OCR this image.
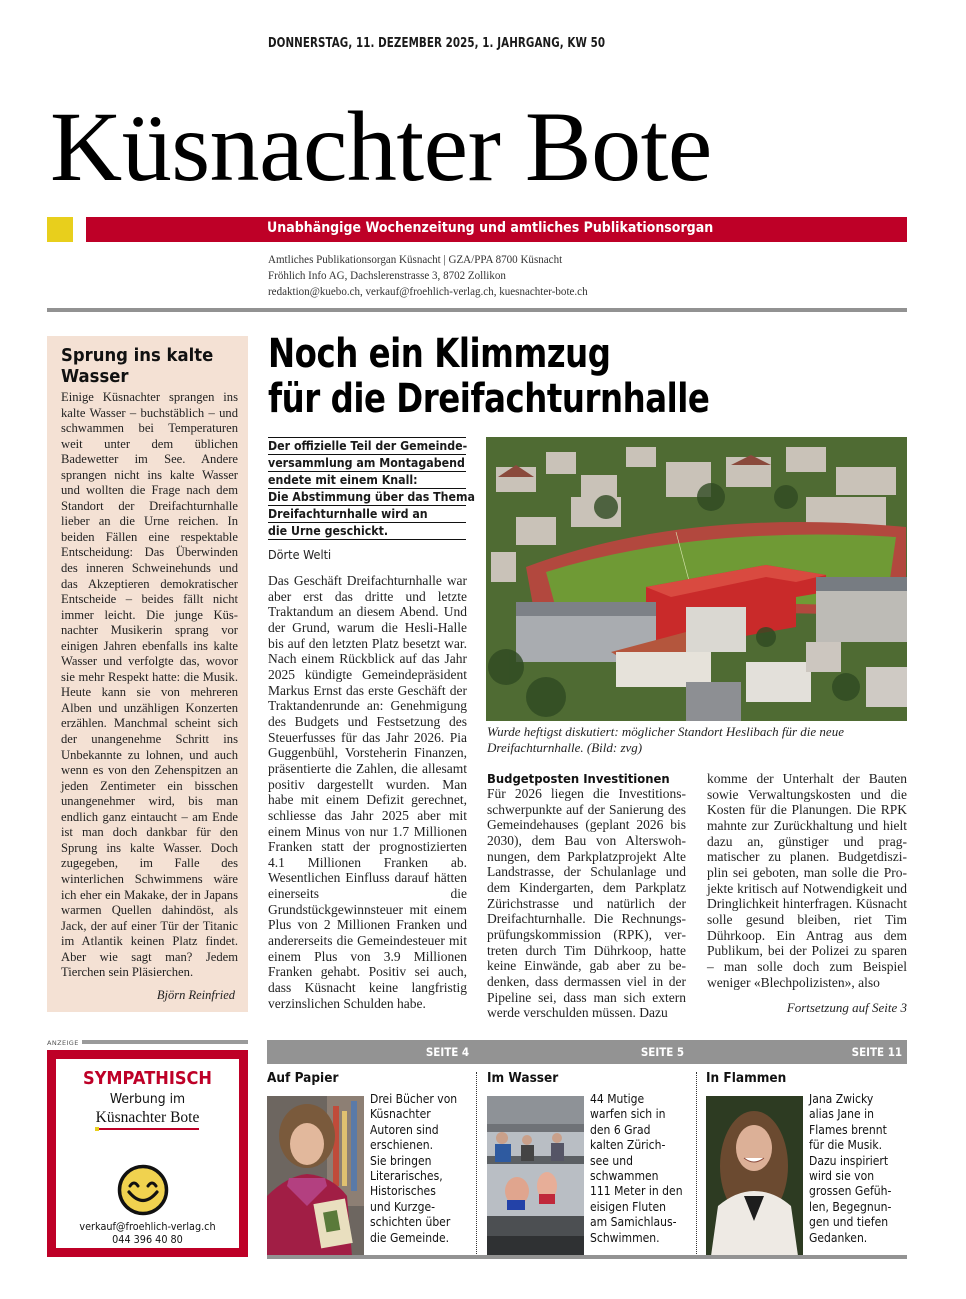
DONNERSTAG, 11. DEZEMBER 2025, 1. JAHRGANG, KW 50
Küsnachter Bote
Unabhängige Wochenzeitung und amtliches Publikationsorgan
Amtliches Publikationsorgan Küsnacht | GZA/PPA 8700 Küsnacht
Fröhlich Info AG, Dachslerenstrasse 3, 8702 Zollikon
redaktion@kuebo.ch, verkauf@froehlich-verlag.ch, kuesnachter-bote.ch
Sprung ins kalte
Wasser

Einige Küsnachter sprangen ins kalte Wasser – buchstäblich – und schwammen bei Temperaturen weit unter dem üblichen Badewetter im See. Andere sprangen nicht ins kalte Wasser und wollten die Frage nach dem Standort der Dreifachturnhalle lieber an die Urne reichen. In beiden Fällen eine respektable Entscheidung: Das Überwinden des inneren Schweinehunds und das Akzeptieren demokratischer Entscheide – beides fällt nicht immer leicht. Die junge Küsnachter Musikerin sprang vor einigen Jahren ebenfalls ins kalte Wasser und verfolgte das, wovor sie mehr Respekt hatte: die Musik. Heute kann sie von mehreren Alben und unzähligen Konzerten erzählen. Manchmal scheint sich der unangenehme Schritt ins Unbekannte zu lohnen, und auch wenn es von den Zehenspitzen an jeden Zentimeter ein bisschen unangenehmer wird, bis man endlich ganz eintaucht – am Ende ist man doch dankbar für den Sprung ins kalte Wasser. Doch zugegeben, im Falle des winterlichen Schwimmens wäre ich eher ein Makake, der in Japans warmen Quellen dahindöst, als Jack, der auf einer Tür der Titanic im Atlantik keinen Platz findet. Aber wie sagt man? Jedem Tierchen sein Pläsierchen.

Björn Reinfried
Noch ein Klimmzug
für die Dreifachturnhalle
Der offizielle Teil der Gemeinde-
versammlung am Montagabend
endete mit einem Knall:
Die Abstimmung über das Thema
Dreifachturnhalle wird an
die Urne geschickt.
Dörte Welti
Das Geschäft Dreifachturnhalle war aber erst das dritte und letzte Traktandum an diesem Abend. Und der Grund, warum die Hesli-Halle bis auf den letzten Platz besetzt war. Nach einem Rückblick auf das Jahr 2025 kündigte Gemeindepräsident Markus Ernst das erste Geschäft der Traktandenrunde an: Genehmigung des Budgets und Festsetzung des Steuerfusses für das Jahr 2026. Pia Guggenbühl, Vorsteherin Finanzen, präsentierte die Zahlen, die allesamt positiv dargestellt wurden. Man habe mit einem Defizit gerechnet, schliesse das Jahr 2025 aber mit einem Minus von nur 1.7 Millionen Franken statt der prognostizierten 4.1 Millionen Franken ab. Wesentlichen Einfluss darauf hätten einerseits die Grundstückgewinnsteuer mit einem Plus von 2 Millionen Franken und andererseits die Gemeindesteuer mit einem Plus von 3.9 Millionen Franken gehabt. Positiv sei auch, dass Küsnacht keine langfristig verzinslichen Schulden habe.
Wurde heftigst diskutiert: möglicher Standort Heslibach für die neue Dreifachturnhalle. (Bild: zvg)
Budgetposten Investitionen
Für 2026 liegen die Investitionsschwerpunkte auf der Sanierung des Gemeindehauses (geplant 2026 bis 2030), dem Bau von Alterswohnungen, dem Parkplatzprojekt Alte Landstrasse, der Schulanlage und dem Kindergarten, dem Parkplatz Zürichstrasse und natürlich der Dreifachturnhalle. Die Rechnungsprüfungskommission (RPK), vertreten durch Tim Dührkoop, hatte keine Einwände, gab aber zu bedenken, dass dermassen viel in der Pipeline sei, dass man sich extern werde verschulden müssen. Dazu
komme der Unterhalt der Bauten sowie Verwaltungskosten und die Kosten für die Planungen. Die RPK mahnte zur Zurückhaltung und hielt dazu an, günstiger und pragmatischer zu planen. Budgetdisziplin sei geboten, man solle die Projekte kritisch auf Notwendigkeit und Dringlichkeit hinterfragen. Küsnacht solle gesund bleiben, riet Tim Dührkoop. Ein Antrag aus dem Publikum, bei der Polizei zu sparen – man solle doch zum Beispiel weniger «Blechpolizisten», also
Fortsetzung auf Seite 3
ANZEIGE
SYMPATHISCH
Werbung im
Küsnachter Bote
verkauf@froehlich-verlag.ch
044 396 40 80
SEITE 4	SEITE 5	SEITE 11
Auf Papier
Drei Bücher von
Küsnachter
Autoren sind
erschienen.
Sie bringen
Literarisches,
Historisches
und Kurzge-
schichten über
die Gemeinde.
Im Wasser
44 Mutige
warfen sich in
den 6 Grad
kalten Zürich-
see und
schwammen
111 Meter in den
eisigen Fluten
am Samichlaus-
Schwimmen.
In Flammen
Jana Zwicky
alias Jane in
Flames brennt
für die Musik.
Dazu inspiriert
wird sie von
grossen Gefüh-
len, Begegnun-
gen und tiefen
Gedanken.
